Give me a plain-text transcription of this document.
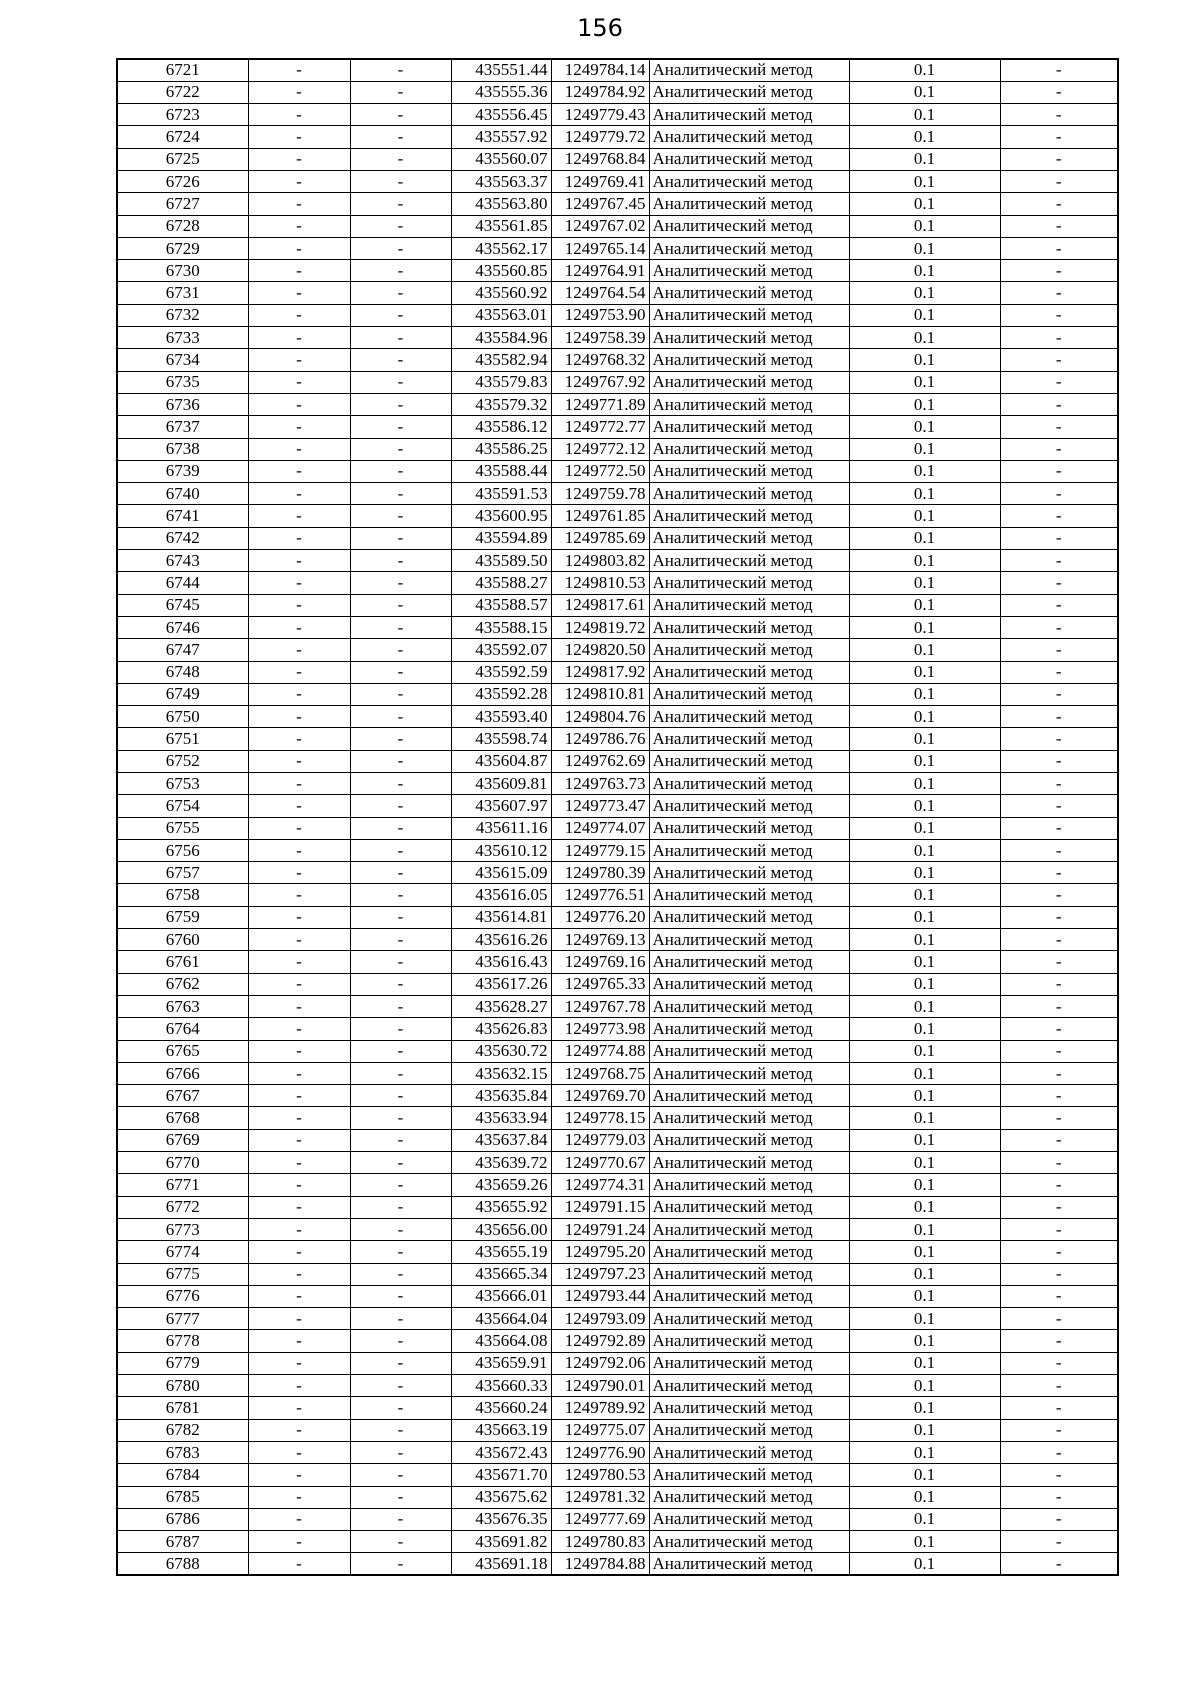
156
6721	-	-	435551.44	1249784.14	Аналитический метод	0.1	-
6722	-	-	435555.36	1249784.92	Аналитический метод	0.1	-
6723	-	-	435556.45	1249779.43	Аналитический метод	0.1	-
6724	-	-	435557.92	1249779.72	Аналитический метод	0.1	-
6725	-	-	435560.07	1249768.84	Аналитический метод	0.1	-
6726	-	-	435563.37	1249769.41	Аналитический метод	0.1	-
6727	-	-	435563.80	1249767.45	Аналитический метод	0.1	-
6728	-	-	435561.85	1249767.02	Аналитический метод	0.1	-
6729	-	-	435562.17	1249765.14	Аналитический метод	0.1	-
6730	-	-	435560.85	1249764.91	Аналитический метод	0.1	-
6731	-	-	435560.92	1249764.54	Аналитический метод	0.1	-
6732	-	-	435563.01	1249753.90	Аналитический метод	0.1	-
6733	-	-	435584.96	1249758.39	Аналитический метод	0.1	-
6734	-	-	435582.94	1249768.32	Аналитический метод	0.1	-
6735	-	-	435579.83	1249767.92	Аналитический метод	0.1	-
6736	-	-	435579.32	1249771.89	Аналитический метод	0.1	-
6737	-	-	435586.12	1249772.77	Аналитический метод	0.1	-
6738	-	-	435586.25	1249772.12	Аналитический метод	0.1	-
6739	-	-	435588.44	1249772.50	Аналитический метод	0.1	-
6740	-	-	435591.53	1249759.78	Аналитический метод	0.1	-
6741	-	-	435600.95	1249761.85	Аналитический метод	0.1	-
6742	-	-	435594.89	1249785.69	Аналитический метод	0.1	-
6743	-	-	435589.50	1249803.82	Аналитический метод	0.1	-
6744	-	-	435588.27	1249810.53	Аналитический метод	0.1	-
6745	-	-	435588.57	1249817.61	Аналитический метод	0.1	-
6746	-	-	435588.15	1249819.72	Аналитический метод	0.1	-
6747	-	-	435592.07	1249820.50	Аналитический метод	0.1	-
6748	-	-	435592.59	1249817.92	Аналитический метод	0.1	-
6749	-	-	435592.28	1249810.81	Аналитический метод	0.1	-
6750	-	-	435593.40	1249804.76	Аналитический метод	0.1	-
6751	-	-	435598.74	1249786.76	Аналитический метод	0.1	-
6752	-	-	435604.87	1249762.69	Аналитический метод	0.1	-
6753	-	-	435609.81	1249763.73	Аналитический метод	0.1	-
6754	-	-	435607.97	1249773.47	Аналитический метод	0.1	-
6755	-	-	435611.16	1249774.07	Аналитический метод	0.1	-
6756	-	-	435610.12	1249779.15	Аналитический метод	0.1	-
6757	-	-	435615.09	1249780.39	Аналитический метод	0.1	-
6758	-	-	435616.05	1249776.51	Аналитический метод	0.1	-
6759	-	-	435614.81	1249776.20	Аналитический метод	0.1	-
6760	-	-	435616.26	1249769.13	Аналитический метод	0.1	-
6761	-	-	435616.43	1249769.16	Аналитический метод	0.1	-
6762	-	-	435617.26	1249765.33	Аналитический метод	0.1	-
6763	-	-	435628.27	1249767.78	Аналитический метод	0.1	-
6764	-	-	435626.83	1249773.98	Аналитический метод	0.1	-
6765	-	-	435630.72	1249774.88	Аналитический метод	0.1	-
6766	-	-	435632.15	1249768.75	Аналитический метод	0.1	-
6767	-	-	435635.84	1249769.70	Аналитический метод	0.1	-
6768	-	-	435633.94	1249778.15	Аналитический метод	0.1	-
6769	-	-	435637.84	1249779.03	Аналитический метод	0.1	-
6770	-	-	435639.72	1249770.67	Аналитический метод	0.1	-
6771	-	-	435659.26	1249774.31	Аналитический метод	0.1	-
6772	-	-	435655.92	1249791.15	Аналитический метод	0.1	-
6773	-	-	435656.00	1249791.24	Аналитический метод	0.1	-
6774	-	-	435655.19	1249795.20	Аналитический метод	0.1	-
6775	-	-	435665.34	1249797.23	Аналитический метод	0.1	-
6776	-	-	435666.01	1249793.44	Аналитический метод	0.1	-
6777	-	-	435664.04	1249793.09	Аналитический метод	0.1	-
6778	-	-	435664.08	1249792.89	Аналитический метод	0.1	-
6779	-	-	435659.91	1249792.06	Аналитический метод	0.1	-
6780	-	-	435660.33	1249790.01	Аналитический метод	0.1	-
6781	-	-	435660.24	1249789.92	Аналитический метод	0.1	-
6782	-	-	435663.19	1249775.07	Аналитический метод	0.1	-
6783	-	-	435672.43	1249776.90	Аналитический метод	0.1	-
6784	-	-	435671.70	1249780.53	Аналитический метод	0.1	-
6785	-	-	435675.62	1249781.32	Аналитический метод	0.1	-
6786	-	-	435676.35	1249777.69	Аналитический метод	0.1	-
6787	-	-	435691.82	1249780.83	Аналитический метод	0.1	-
6788	-	-	435691.18	1249784.88	Аналитический метод	0.1	-
